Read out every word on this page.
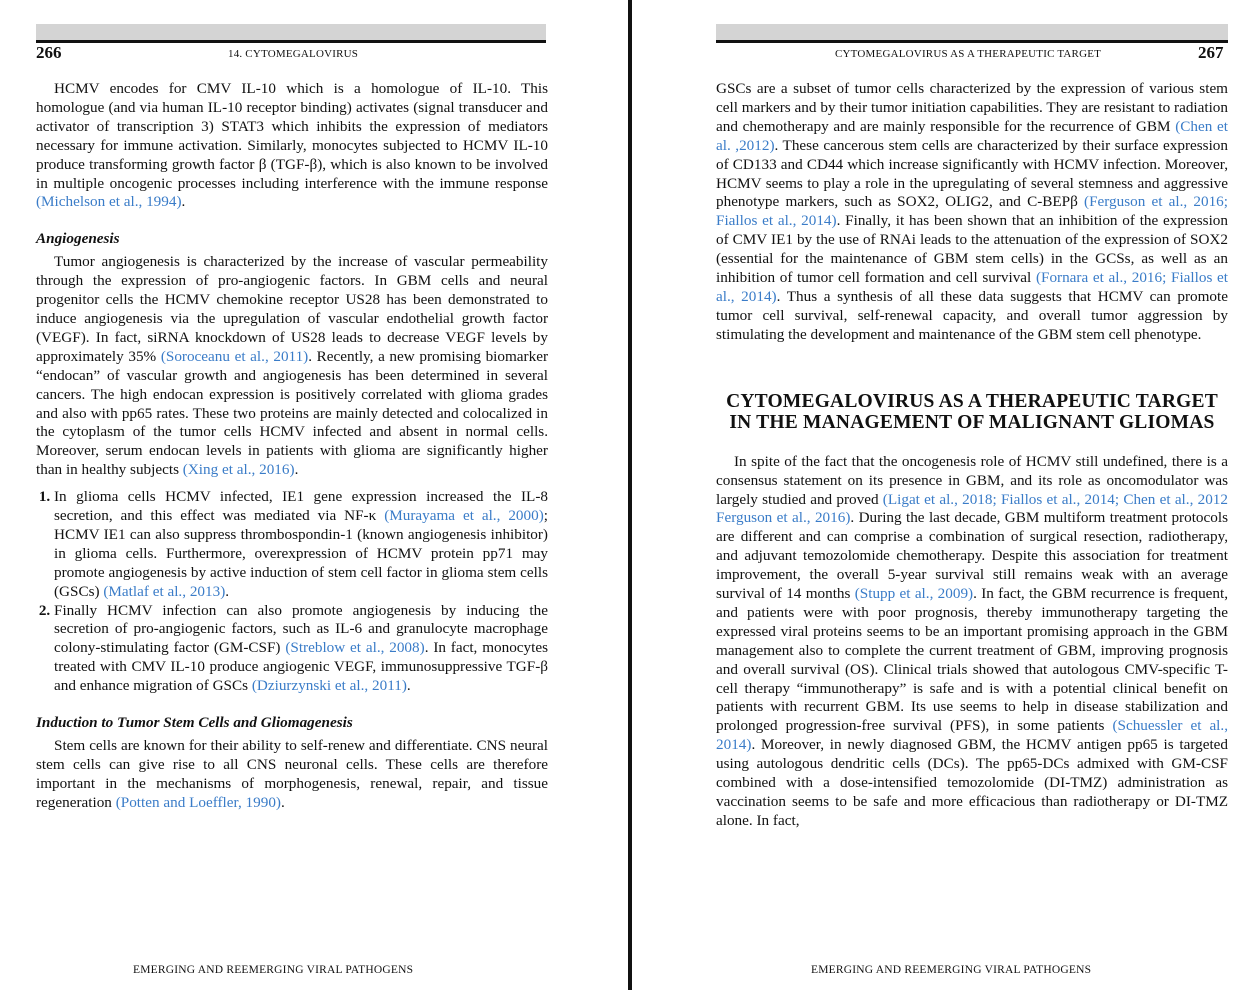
266	14. CYTOMEGALOVIRUS

HCMV encodes for CMV IL-10 which is a homologue of IL-10. This homologue (and via human IL-10 receptor binding) activates (signal transducer and activator of transcription 3) STAT3 which inhibits the expression of mediators necessary for immune activation. Similarly, monocytes subjected to HCMV IL-10 produce transforming growth factor β (TGF-β), which is also known to be involved in multiple oncogenic processes including interference with the immune response (Michelson et al., 1994).

Angiogenesis

Tumor angiogenesis is characterized by the increase of vascular permeability through the expression of pro-angiogenic factors. In GBM cells and neural progenitor cells the HCMV chemokine receptor US28 has been demonstrated to induce angiogenesis via the upregulation of vascular endothelial growth factor (VEGF). In fact, siRNA knockdown of US28 leads to decrease VEGF levels by approximately 35% (Soroceanu et al., 2011). Recently, a new promising biomarker “endocan” of vascular growth and angiogenesis has been determined in several cancers. The high endocan expression is positively correlated with glioma grades and also with pp65 rates. These two proteins are mainly detected and colocalized in the cytoplasm of the tumor cells HCMV infected and absent in normal cells. Moreover, serum endocan levels in patients with glioma are significantly higher than in healthy subjects (Xing et al., 2016).

1. In glioma cells HCMV infected, IE1 gene expression increased the IL-8 secretion, and this effect was mediated via NF-κ (Murayama et al., 2000); HCMV IE1 can also suppress thrombospondin-1 (known angiogenesis inhibitor) in glioma cells. Furthermore, overexpression of HCMV protein pp71 may promote angiogenesis by active induction of stem cell factor in glioma stem cells (GSCs) (Matlaf et al., 2013).
2. Finally HCMV infection can also promote angiogenesis by inducing the secretion of pro-angiogenic factors, such as IL-6 and granulocyte macrophage colony-stimulating factor (GM-CSF) (Streblow et al., 2008). In fact, monocytes treated with CMV IL-10 produce angiogenic VEGF, immunosuppressive TGF-β and enhance migration of GSCs (Dziurzynski et al., 2011).
Induction to Tumor Stem Cells and Gliomagenesis

Stem cells are known for their ability to self-renew and differentiate. CNS neural stem cells can give rise to all CNS neuronal cells. These cells are therefore important in the mechanisms of morphogenesis, renewal, repair, and tissue regeneration (Potten and Loeffler, 1990).

EMERGING AND REEMERGING VIRAL PATHOGENS
CYTOMEGALOVIRUS AS A THERAPEUTIC TARGET	267

GSCs are a subset of tumor cells characterized by the expression of various stem cell markers and by their tumor initiation capabilities. They are resistant to radiation and chemotherapy and are mainly responsible for the recurrence of GBM (Chen et al. ,2012). These cancerous stem cells are characterized by their surface expression of CD133 and CD44 which increase significantly with HCMV infection. Moreover, HCMV seems to play a role in the upregulating of several stemness and aggressive phenotype markers, such as SOX2, OLIG2, and C-BEPβ (Ferguson et al., 2016; Fiallos et al., 2014). Finally, it has been shown that an inhibition of the expression of CMV IE1 by the use of RNAi leads to the attenuation of the expression of SOX2 (essential for the maintenance of GBM stem cells) in the GCSs, as well as an inhibition of tumor cell formation and cell survival (Fornara et al., 2016; Fiallos et al., 2014). Thus a synthesis of all these data suggests that HCMV can promote tumor cell survival, self-renewal capacity, and overall tumor aggression by stimulating the development and maintenance of the GBM stem cell phenotype.

CYTOMEGALOVIRUS AS A THERAPEUTIC TARGET
IN THE MANAGEMENT OF MALIGNANT GLIOMAS

In spite of the fact that the oncogenesis role of HCMV still undefined, there is a consensus statement on its presence in GBM, and its role as oncomodulator was largely studied and proved (Ligat et al., 2018; Fiallos et al., 2014; Chen et al., 2012 Ferguson et al., 2016). During the last decade, GBM multiform treatment protocols are different and can comprise a combination of surgical resection, radiotherapy, and adjuvant temozolomide chemotherapy. Despite this association for treatment improvement, the overall 5-year survival still remains weak with an average survival of 14 months (Stupp et al., 2009). In fact, the GBM recurrence is frequent, and patients were with poor prognosis, thereby immunotherapy targeting the expressed viral proteins seems to be an important promising approach in the GBM management also to complete the current treatment of GBM, improving prognosis and overall survival (OS). Clinical trials showed that autologous CMV-specific T-cell therapy “immunotherapy” is safe and is with a potential clinical benefit on patients with recurrent GBM. Its use seems to help in disease stabilization and prolonged progression-free survival (PFS), in some patients (Schuessler et al., 2014). Moreover, in newly diagnosed GBM, the HCMV antigen pp65 is targeted using autologous dendritic cells (DCs). The pp65-DCs admixed with GM-CSF combined with a dose-intensified temozolomide (DI-TMZ) administration as vaccination seems to be safe and more efficacious than radiotherapy or DI-TMZ alone. In fact,

EMERGING AND REEMERGING VIRAL PATHOGENS
